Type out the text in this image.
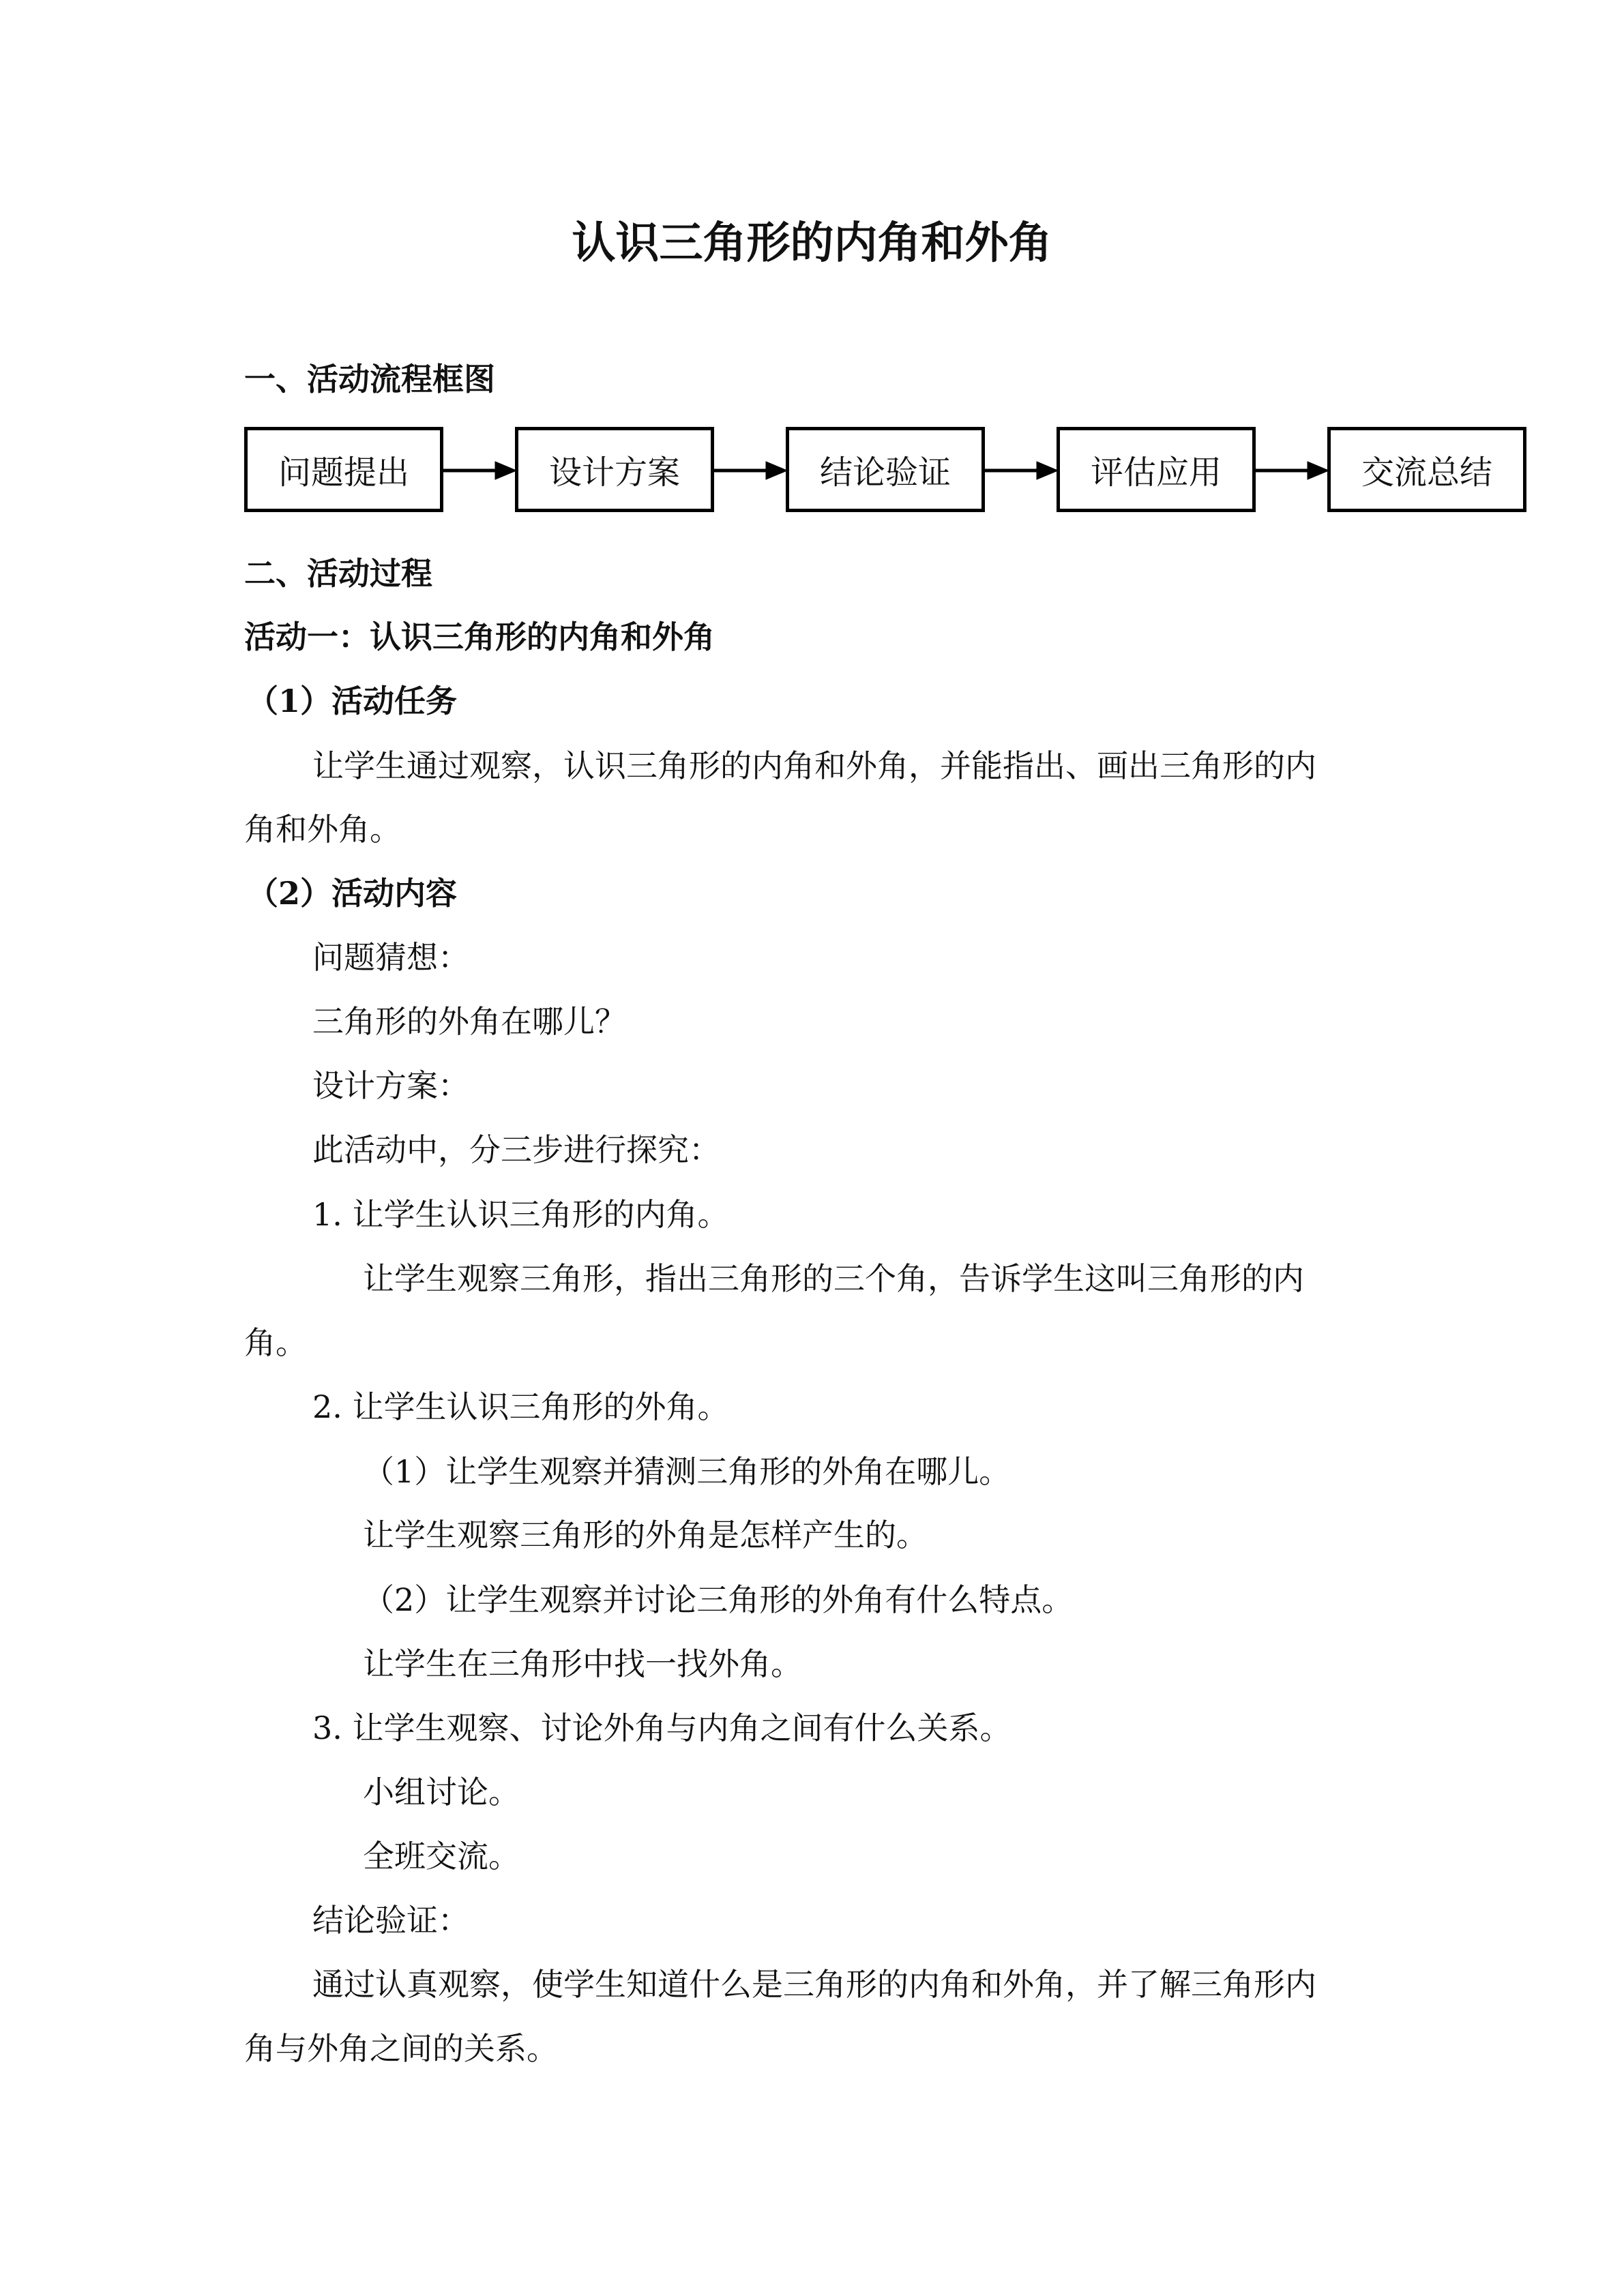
认识三角形的内角和外角
一、活动流程框图
问题提出	设计方案	结论验证	评估应用	交流总结
二、活动过程
活动一：认识三角形的内角和外角
（1）活动任务
让学生通过观察，认识三角形的内角和外角，并能指出、画出三角形的内
角和外角。
（2）活动内容
问题猜想：
三角形的外角在哪儿？
设计方案：
此活动中，分三步进行探究：
1. 让学生认识三角形的内角。
让学生观察三角形，指出三角形的三个角，告诉学生这叫三角形的内
角。
2. 让学生认识三角形的外角。
（1）让学生观察并猜测三角形的外角在哪儿。
让学生观察三角形的外角是怎样产生的。
（2）让学生观察并讨论三角形的外角有什么特点。
让学生在三角形中找一找外角。
3. 让学生观察、讨论外角与内角之间有什么关系。
小组讨论。
全班交流。
结论验证：
通过认真观察，使学生知道什么是三角形的内角和外角，并了解三角形内
角与外角之间的关系。
